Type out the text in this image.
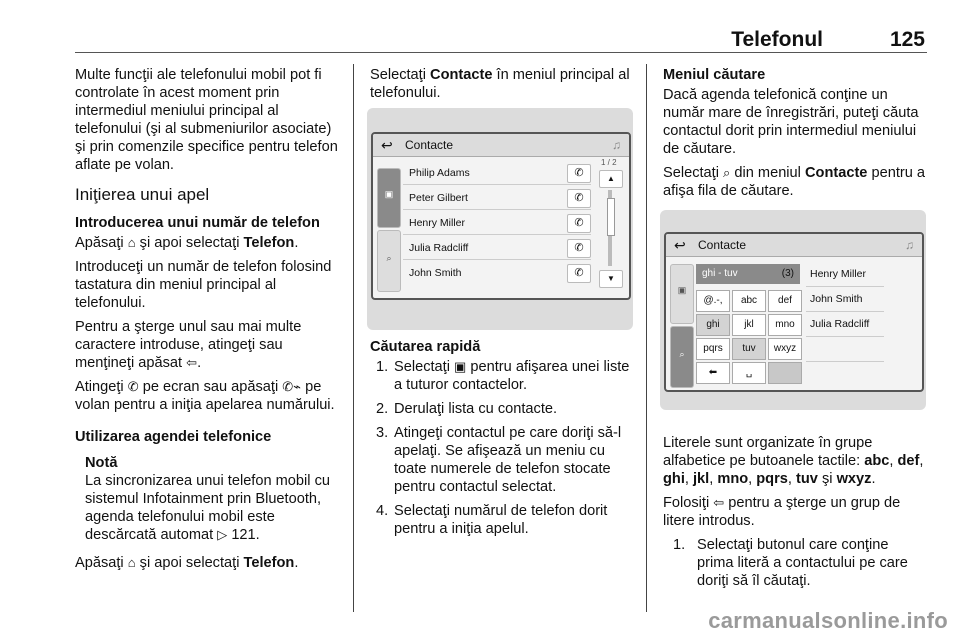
Telefonul	125

Multe funcţii ale telefonului mobil pot fi controlate în acest moment prin intermediul meniului principal al telefonului (şi al submeniurilor asociate) şi prin comenzile specifice pentru telefon aflate pe volan.

Iniţierea unui apel
Introducerea unui număr de telefon

Apăsaţi ⌂ şi apoi selectaţi Telefon.

Introduceţi un număr de telefon folosind tastatura din meniul principal al telefonului.

Pentru a şterge unul sau mai multe caractere introduse, atingeţi sau menţineţi apăsat ⇦.

Atingeţi ✆ pe ecran sau apăsaţi ✆⌁ pe volan pentru a iniţia apelarea numărului.

Utilizarea agendei telefonice
Notă
La sincronizarea unui telefon mobil cu sistemul Infotainment prin Bluetooth, agenda telefonului mobil este descărcată automat ▷ 121.

Apăsaţi ⌂ şi apoi selectaţi Telefon.

Selectaţi Contacte în meniul principal al telefonului.

↩ Contacte	♫
▣
⌕
Philip Adams	✆
Peter Gilbert	✆
Henry Miller	✆
Julia Radcliff	✆
John Smith	✆
1 / 2
▲
▼
Căutarea rapidă
1. Selectaţi ▣ pentru afişarea unei liste a tuturor contactelor.
2. Derulaţi lista cu contacte.
3. Atingeţi contactul pe care doriţi să-l apelaţi. Se afişează un meniu cu toate numerele de telefon stocate pentru contactul selectat.
4. Selectaţi numărul de telefon dorit pentru a iniţia apelul.
Meniul căutare

Dacă agenda telefonică conţine un număr mare de înregistrări, puteţi căuta contactul dorit prin intermediul meniului de căutare.

Selectaţi ⌕ din meniul Contacte pentru a afişa fila de căutare.

↩ Contacte	♫
▣
⌕
ghi - tuv	(3)
@.-,	abc	def
ghi	jkl	mno
pqrs	tuv	wxyz
⬅	␣
Henry Miller
John Smith
Julia Radcliff

Literele sunt organizate în grupe alfabetice pe butoanele tactile: abc, def, ghi, jkl, mno, pqrs, tuv şi wxyz.

Folosiţi ⇦ pentru a şterge un grup de litere introdus.

1. Selectaţi butonul care conţine prima literă a contactului pe care doriţi să îl căutaţi.
carmanualsonline.info
